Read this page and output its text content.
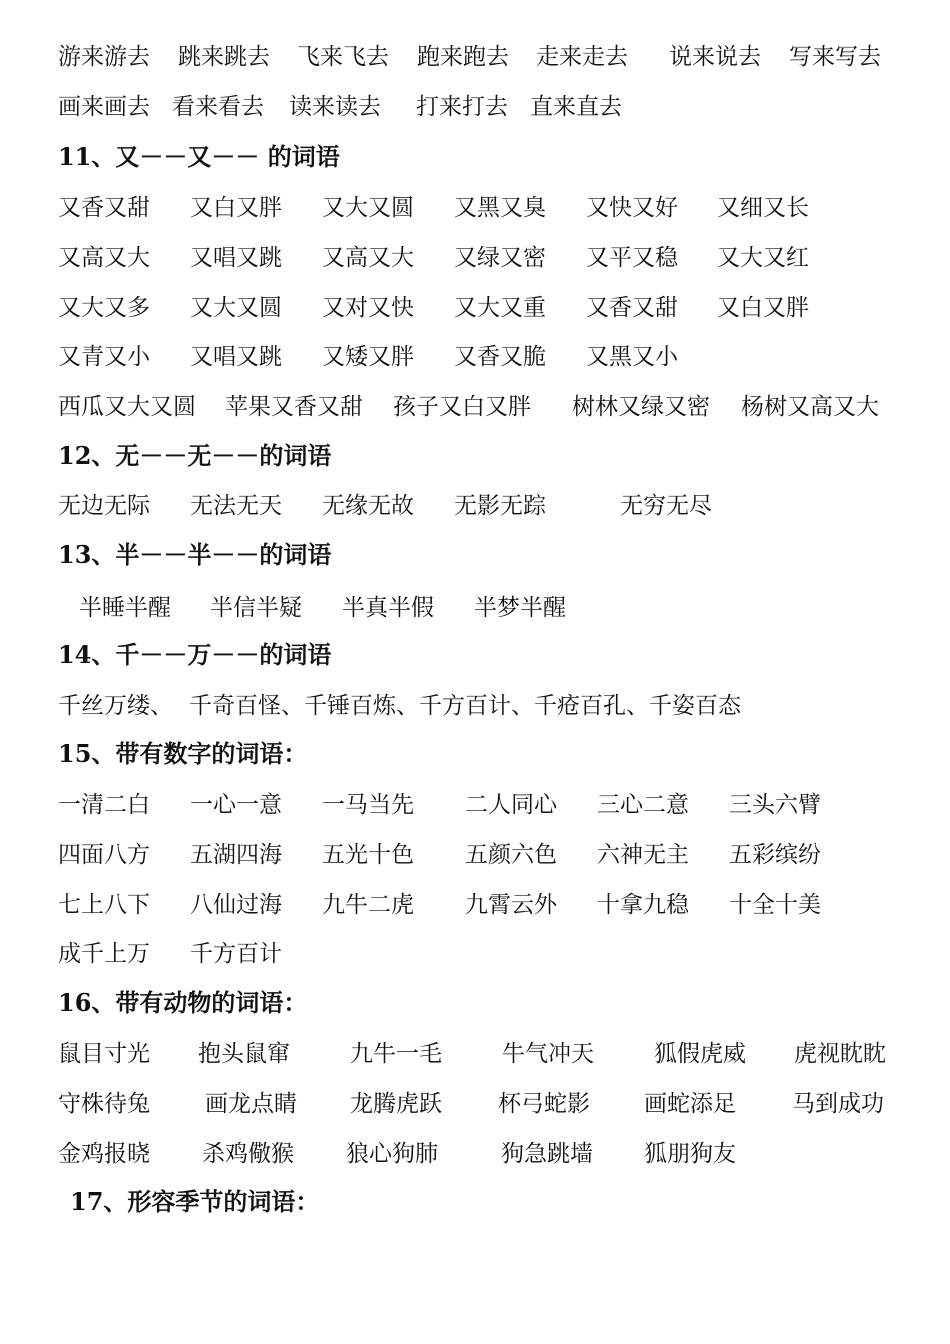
游来游去 跳来跳去 飞来飞去 跑来跑去 走来走去 说来说去 写来写去
画来画去 看来看去 读来读去 打来打去 直来直去
11、又－－又－－ 的词语
又香又甜 又白又胖 又大又圆 又黑又臭 又快又好 又细又长
又高又大 又唱又跳 又高又大 又绿又密 又平又稳 又大又红
又大又多 又大又圆 又对又快 又大又重 又香又甜 又白又胖
又青又小 又唱又跳 又矮又胖 又香又脆 又黑又小
西瓜又大又圆 苹果又香又甜 孩子又白又胖 树林又绿又密 杨树又高又大
12、无－－无－－的词语
无边无际 无法无天 无缘无故 无影无踪	无穷无尽
13、半－－半－－的词语
半睡半醒 半信半疑 半真半假 半梦半醒
14、千－－万－－的词语
千丝万缕、 千奇百怪、千锤百炼、千方百计、千疮百孔、千姿百态
15、带有数字的词语：
一清二白 一心一意 一马当先 二人同心 三心二意 三头六臂
四面八方 五湖四海 五光十色 五颜六色 六神无主 五彩缤纷
七上八下 八仙过海 九牛二虎 九霄云外 十拿九稳 十全十美
成千上万 千方百计
16、带有动物的词语：
鼠目寸光 抱头鼠窜	九牛一毛	牛气冲天	狐假虎威 虎视眈眈
守株待兔 画龙点睛 龙腾虎跃 杯弓蛇影 画蛇添足 马到成功
金鸡报晓 杀鸡儆猴 狼心狗肺	狗急跳墙 狐朋狗友
17、形容季节的词语：
